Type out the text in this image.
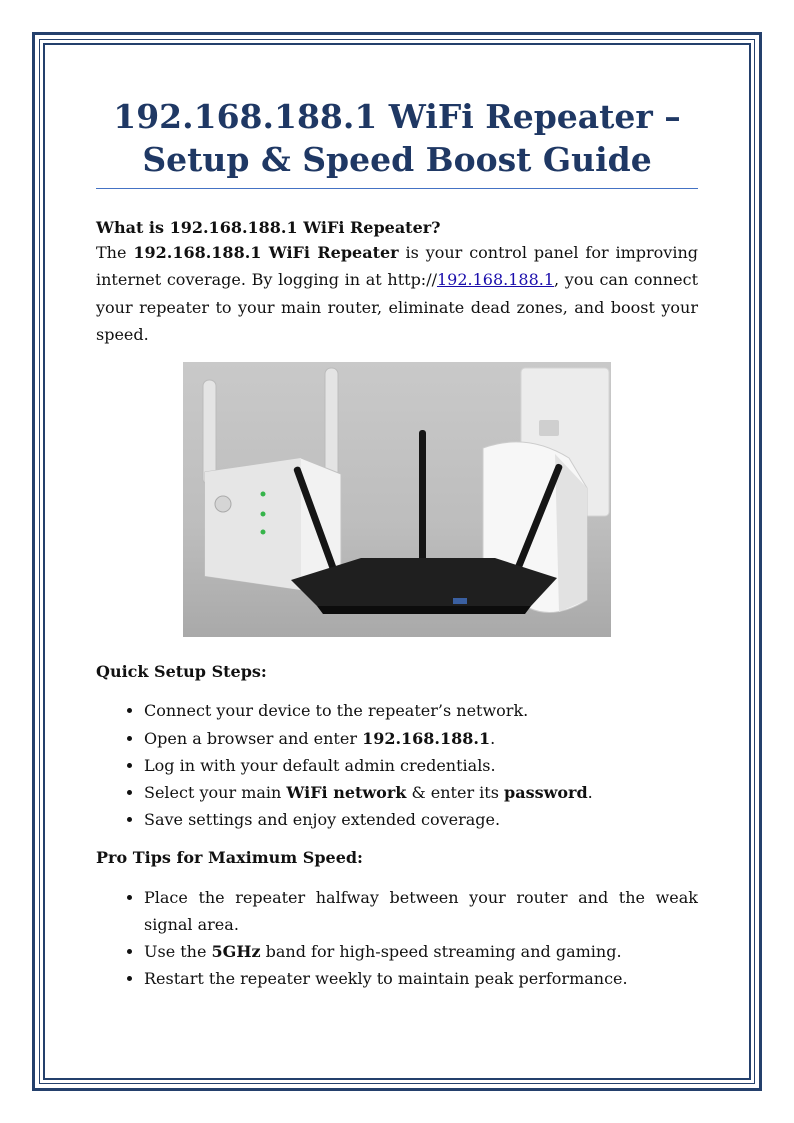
192.168.188.1 WiFi Repeater –
Setup & Speed Boost Guide
What is 192.168.188.1 WiFi Repeater?

The 192.168.188.1 WiFi Repeater is your control panel for improving internet coverage. By logging in at http://192.168.188.1, you can connect your repeater to your main router, eliminate dead zones, and boost your speed.

Quick Setup Steps:
• Connect your device to the repeater’s network.
• Open a browser and enter 192.168.188.1.
• Log in with your default admin credentials.
• Select your main WiFi network & enter its password.
• Save settings and enjoy extended coverage.
Pro Tips for Maximum Speed:
• Place the repeater halfway between your router and the weak signal area.
• Use the 5GHz band for high-speed streaming and gaming.
• Restart the repeater weekly to maintain peak performance.
